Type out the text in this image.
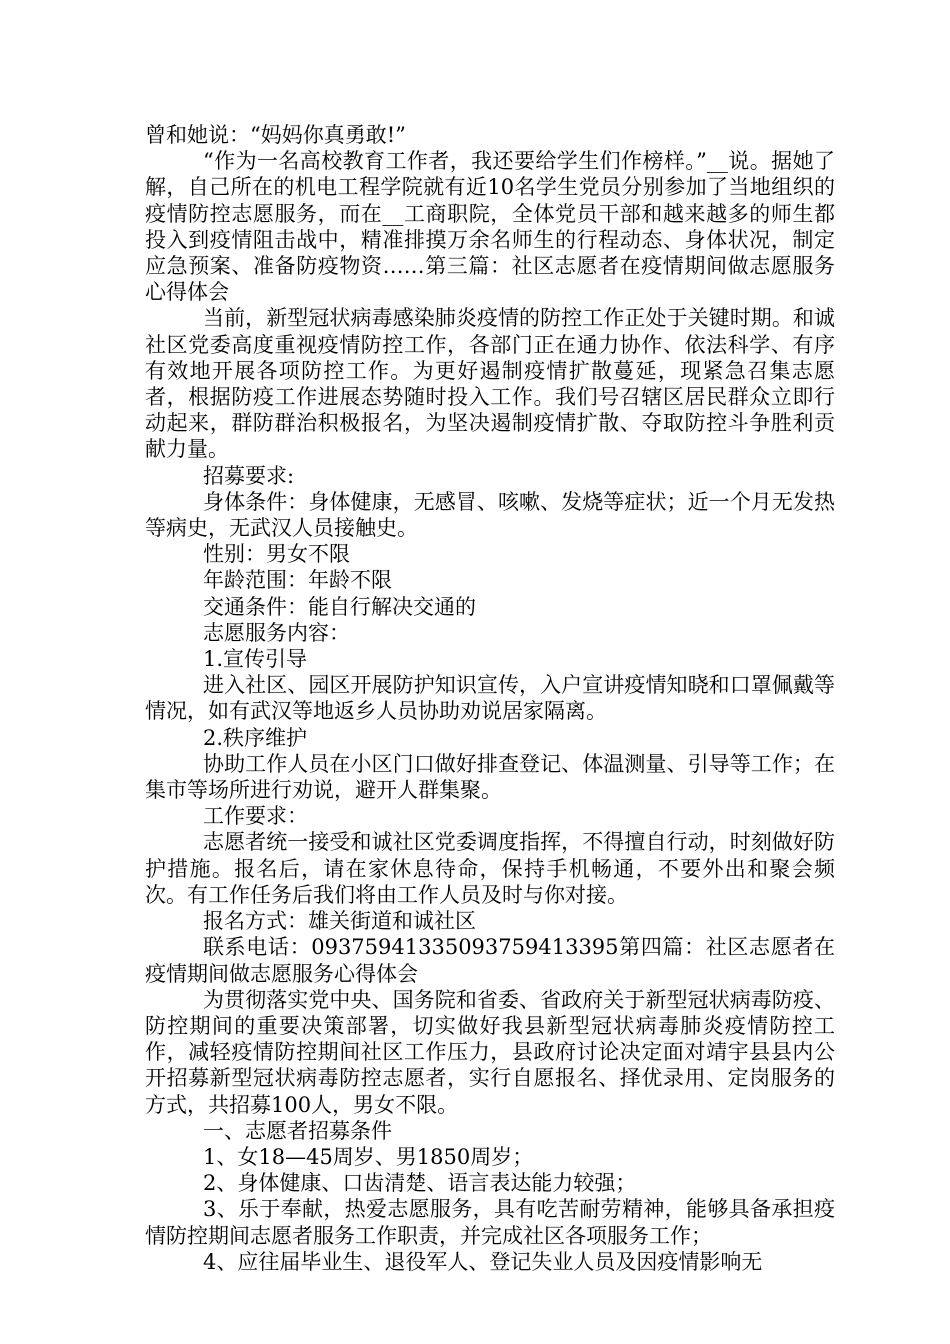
曾和她说：“妈妈你真勇敢!”

“作为一名高校教育工作者，我还要给学生们作榜样。”__说。据她了解，自己所在的机电工程学院就有近10名学生党员分别参加了当地组织的疫情防控志愿服务，而在__工商职院，全体党员干部和越来越多的师生都投入到疫情阻击战中，精准排摸万余名师生的行程动态、身体状况，制定应急预案、准备防疫物资……第三篇：社区志愿者在疫情期间做志愿服务心得体会

当前，新型冠状病毒感染肺炎疫情的防控工作正处于关键时期。和诚社区党委高度重视疫情防控工作，各部门正在通力协作、依法科学、有序有效地开展各项防控工作。为更好遏制疫情扩散蔓延，现紧急召集志愿者，根据防疫工作进展态势随时投入工作。我们号召辖区居民群众立即行动起来，群防群治积极报名，为坚决遏制疫情扩散、夺取防控斗争胜利贡献力量。

招募要求:

身体条件：身体健康，无感冒、咳嗽、发烧等症状；近一个月无发热等病史，无武汉人员接触史。

性别：男女不限

年龄范围：年龄不限

交通条件：能自行解决交通的

志愿服务内容：

1.宣传引导

进入社区、园区开展防护知识宣传，入户宣讲疫情知晓和口罩佩戴等情况，如有武汉等地返乡人员协助劝说居家隔离。

2.秩序维护

协助工作人员在小区门口做好排查登记、体温测量、引导等工作；在集市等场所进行劝说，避开人群集聚。

工作要求：

志愿者统一接受和诚社区党委调度指挥，不得擅自行动，时刻做好防护措施。报名后，请在家休息待命，保持手机畅通，不要外出和聚会频次。有工作任务后我们将由工作人员及时与你对接。

报名方式：雄关街道和诚社区

联系电话：09375941335093759413395第四篇：社区志愿者在疫情期间做志愿服务心得体会

为贯彻落实党中央、国务院和省委、省政府关于新型冠状病毒防疫、防控期间的重要决策部署，切实做好我县新型冠状病毒肺炎疫情防控工作，减轻疫情防控期间社区工作压力，县政府讨论决定面对靖宇县县内公开招募新型冠状病毒防控志愿者，实行自愿报名、择优录用、定岗服务的方式，共招募100人，男女不限。

一、志愿者招募条件

1、女18—45周岁、男1850周岁；

2、身体健康、口齿清楚、语言表达能力较强；

3、乐于奉献，热爱志愿服务，具有吃苦耐劳精神，能够具备承担疫情防控期间志愿者服务工作职责，并完成社区各项服务工作；

4、应往届毕业生、退役军人、登记失业人员及因疫情影响无
